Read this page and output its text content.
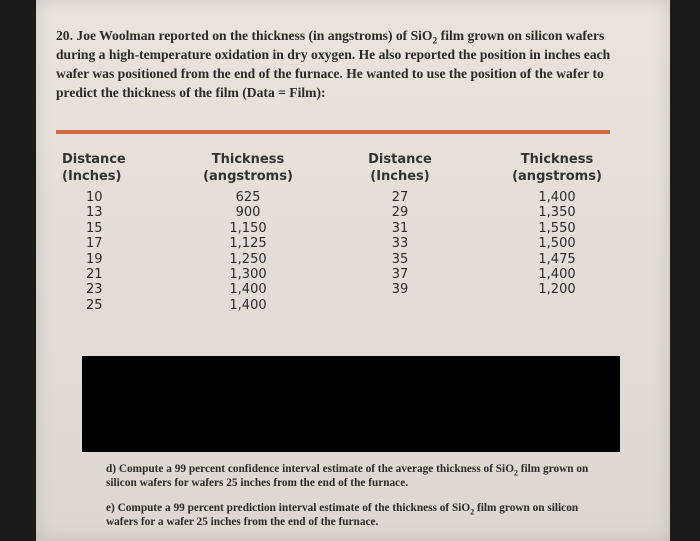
20. Joe Woolman reported on the thickness (in angstroms) of SiO$_2$ film grown on silicon wafers during a high-temperature oxidation in dry oxygen. He also reported the position in inches each wafer was positioned from the end of the furnace. He wanted to use the position of the wafer to predict the thickness of the film (Data = Film):

Distance
(Inches)
10
13
15
17
19
21
23
25
Thickness
(angstroms)
625
900
1,150
1,125
1,250
1,300
1,400
1,400
Distance
(Inches)
27
29
31
33
35
37
39
Thickness
(angstroms)
1,400
1,350
1,550
1,500
1,475
1,400
1,200

d) Compute a 99 percent confidence interval estimate of the average thickness of SiO$_2$ film grown on silicon wafers for wafers 25 inches from the end of the furnace.

e) Compute a 99 percent prediction interval estimate of the thickness of SiO$_2$ film grown on silicon wafers for a wafer 25 inches from the end of the furnace.
